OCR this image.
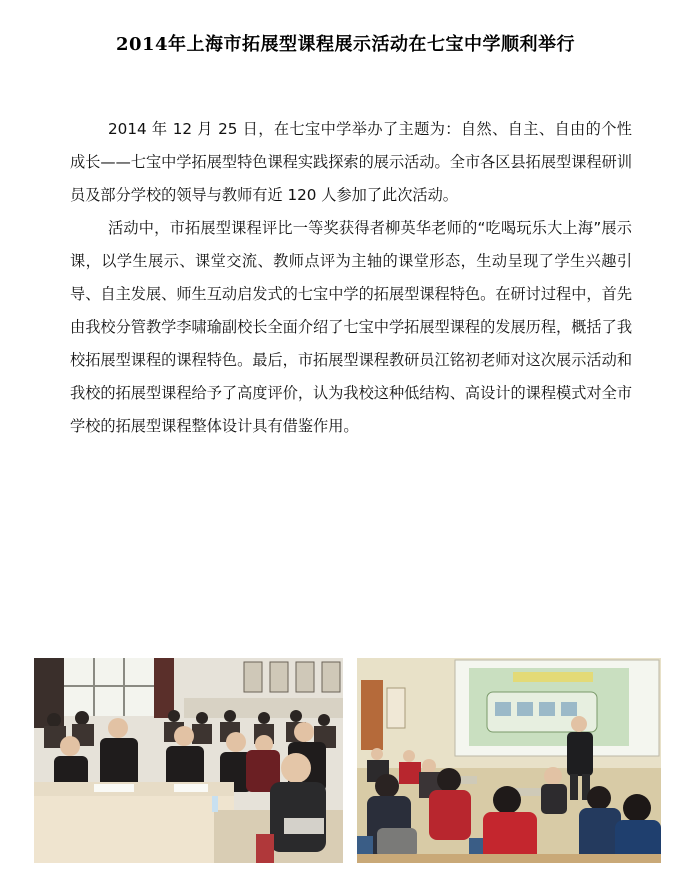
2014年上海市拓展型课程展示活动在七宝中学顺利举行

2014 年 12 月 25 日，在七宝中学举办了主题为：自然、自主、自由的个性成长——七宝中学拓展型特色课程实践探索的展示活动。全市各区县拓展型课程研训员及部分学校的领导与教师有近 120 人参加了此次活动。

活动中，市拓展型课程评比一等奖获得者柳英华老师的“吃喝玩乐大上海”展示课，以学生展示、课堂交流、教师点评为主轴的课堂形态，生动呈现了学生兴趣引导、自主发展、师生互动启发式的七宝中学的拓展型课程特色。在研讨过程中，首先由我校分管教学李啸瑜副校长全面介绍了七宝中学拓展型课程的发展历程，概括了我校拓展型课程的课程特色。最后，市拓展型课程教研员江铭初老师对这次展示活动和我校的拓展型课程给予了高度评价，认为我校这种低结构、高设计的课程模式对全市学校的拓展型课程整体设计具有借鉴作用。
